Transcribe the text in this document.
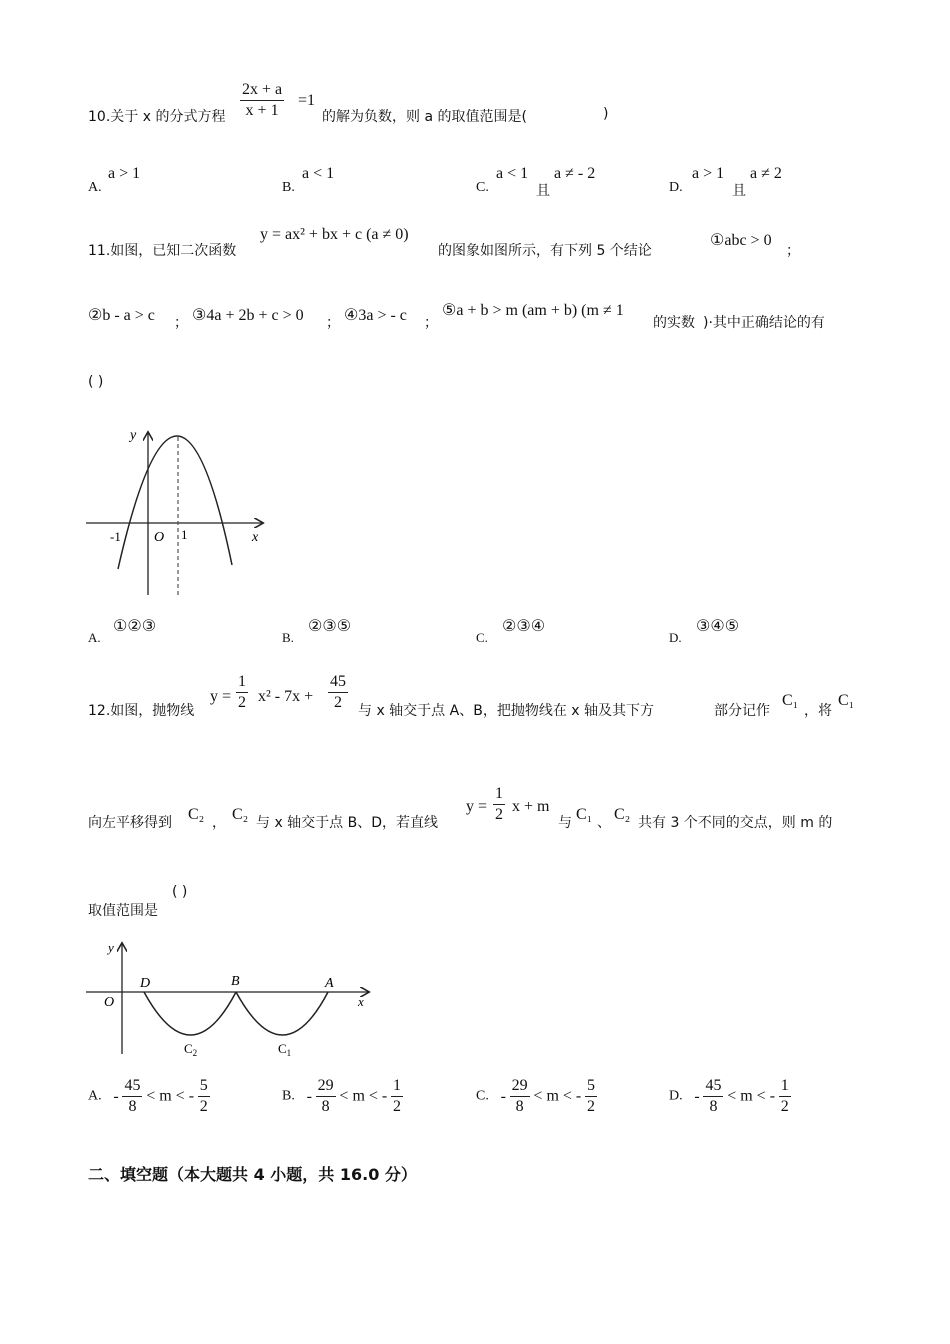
10.关于 x 的分式方程 $\frac{2x + a}{x + 1} =1$
的解为负数，则 a 的取值范围是(	)
A.
a > 1
B.
a < 1
C.
a < 1
且
a ≠ - 2
D.
a > 1
且
a ≠ 2
11.如图，已知二次函数
y = ax² + bx + c (a ≠ 0)
的图象如图所示，有下列 5 个结论
①abc > 0
；
②b - a > c ； ③4a + 2b + c > 0 ； ④3a > - c ；
⑤a + b > m (am + b) (m ≠ 1
的实数 )·其中正确结论的有
( )
y
x
O
-1	1
A.
①②③
B.
②③⑤
C.
②③④
D.
③④⑤
12.如图，抛物线
$y = \frac{1}{2} x^2 - 7x + \frac{45}{2}$ 与 x 轴交于点 A、B，把抛物线在 x 轴及其下方	部分记作
C₁
，将
C₁
向左平移得到 C₂ ， C₂ 与 x 轴交于点 B、D，若直线
$y = \frac{1}{2}$ x + m
与 C₁ 、 C₂ 共有 3 个不同的交点，则 m 的
取值范围是
( )
y
x
O
D	B	A
$C_2$	$C_1$
A. - $\frac{45}{8} < m$ < - $\frac{5}{2}$	B. - $\frac{29}{8} < m$ < - $\frac{1}{2}$	C. - $\frac{29}{8} < m$ < - $\frac{5}{2}$	D. - $\frac{45}{8} < m$ < - $\frac{1}{2}$
二、填空题（本大题共 4 小题，共 16.0 分）
